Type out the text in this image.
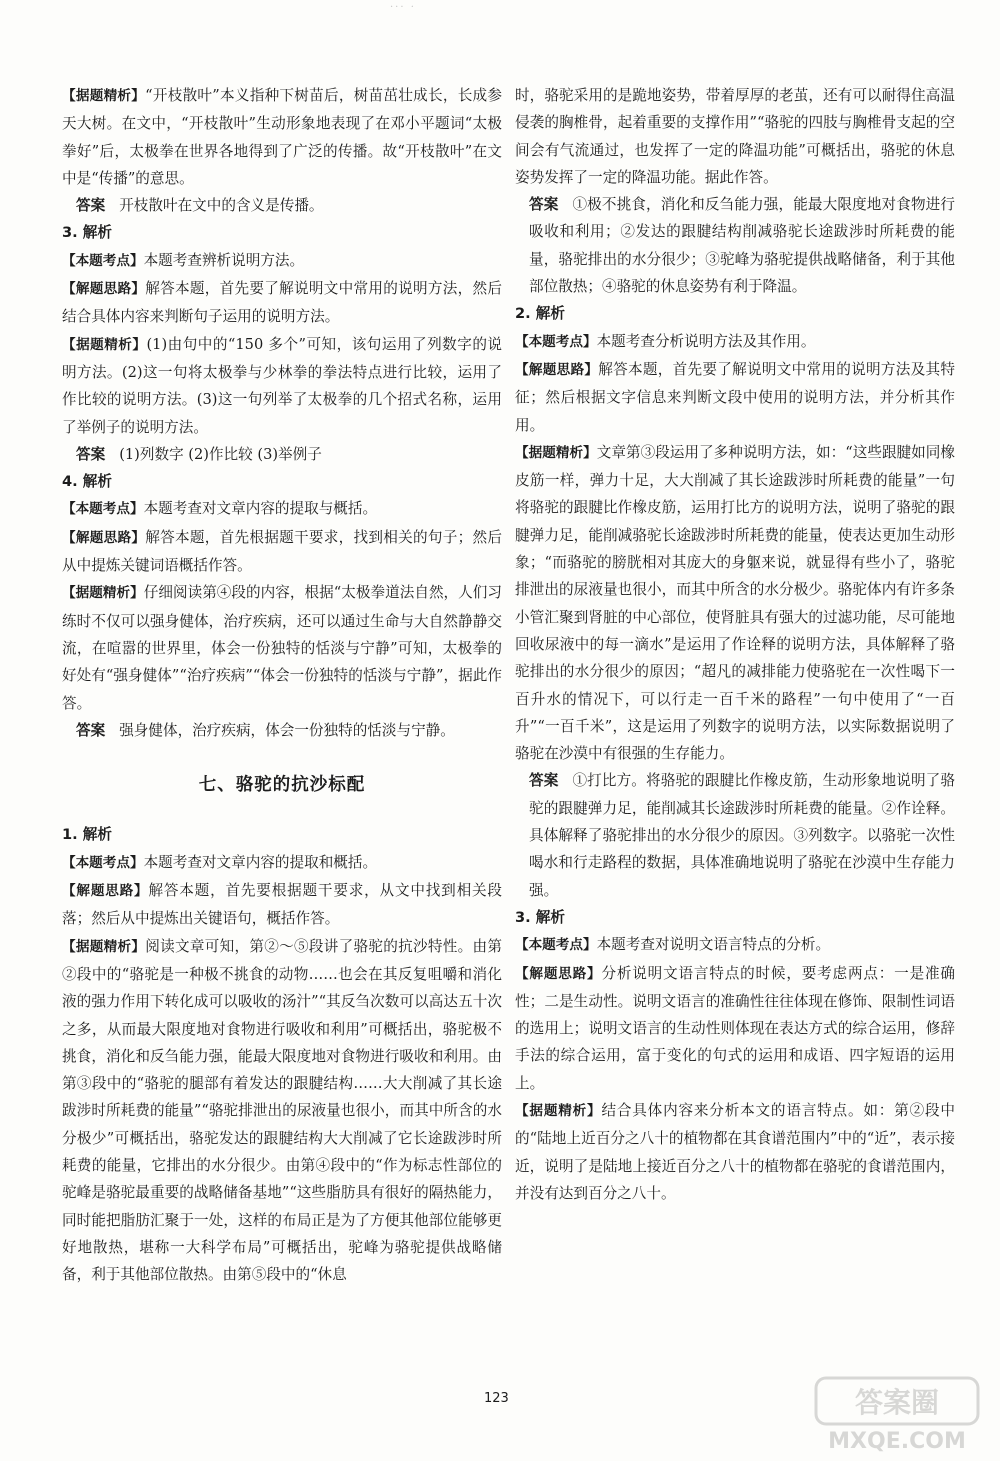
··· ·

【据题精析】“开枝散叶”本义指种下树苗后，树苗茁壮成长，长成参天大树。在文中，“开枝散叶”生动形象地表现了在邓小平题词“太极拳好”后，太极拳在世界各地得到了广泛的传播。故“开枝散叶”在文中是“传播”的意思。

答案 开枝散叶在文中的含义是传播。

3. 解析

【本题考点】本题考查辨析说明方法。

【解题思路】解答本题，首先要了解说明文中常用的说明方法，然后结合具体内容来判断句子运用的说明方法。

【据题精析】(1)由句中的“150 多个”可知，该句运用了列数字的说明方法。(2)这一句将太极拳与少林拳的拳法特点进行比较，运用了作比较的说明方法。(3)这一句列举了太极拳的几个招式名称，运用了举例子的说明方法。

答案 (1)列数字 (2)作比较 (3)举例子

4. 解析

【本题考点】本题考查对文章内容的提取与概括。

【解题思路】解答本题，首先根据题干要求，找到相关的句子；然后从中提炼关键词语概括作答。

【据题精析】仔细阅读第④段的内容，根据“太极拳道法自然，人们习练时不仅可以强身健体，治疗疾病，还可以通过生命与大自然静静交流，在喧嚣的世界里，体会一份独特的恬淡与宁静”可知，太极拳的好处有“强身健体”“治疗疾病”“体会一份独特的恬淡与宁静”，据此作答。

答案 强身健体，治疗疾病，体会一份独特的恬淡与宁静。

七、骆驼的抗沙标配

1. 解析

【本题考点】本题考查对文章内容的提取和概括。

【解题思路】解答本题，首先要根据题干要求，从文中找到相关段落；然后从中提炼出关键语句，概括作答。

【据题精析】阅读文章可知，第②～⑤段讲了骆驼的抗沙特性。由第②段中的“骆驼是一种极不挑食的动物……也会在其反复咀嚼和消化液的强力作用下转化成可以吸收的汤汁”“其反刍次数可以高达五十次之多，从而最大限度地对食物进行吸收和利用”可概括出，骆驼极不挑食，消化和反刍能力强，能最大限度地对食物进行吸收和利用。由第③段中的“骆驼的腿部有着发达的跟腱结构……大大削减了其长途跋涉时所耗费的能量”“骆驼排泄出的尿液量也很小，而其中所含的水分极少”可概括出，骆驼发达的跟腱结构大大削减了它长途跋涉时所耗费的能量，它排出的水分很少。由第④段中的“作为标志性部位的驼峰是骆驼最重要的战略储备基地”“这些脂肪具有很好的隔热能力，同时能把脂肪汇聚于一处，这样的布局正是为了方便其他部位能够更好地散热，堪称一大科学布局”可概括出，驼峰为骆驼提供战略储备，利于其他部位散热。由第⑤段中的“休息

时，骆驼采用的是跪地姿势，带着厚厚的老茧，还有可以耐得住高温侵袭的胸椎骨，起着重要的支撑作用”“骆驼的四肢与胸椎骨支起的空间会有气流通过，也发挥了一定的降温功能”可概括出，骆驼的休息姿势发挥了一定的降温功能。据此作答。

答案 ①极不挑食，消化和反刍能力强，能最大限度地对食物进行吸收和利用；②发达的跟腱结构削减骆驼长途跋涉时所耗费的能量，骆驼排出的水分很少；③驼峰为骆驼提供战略储备，利于其他部位散热；④骆驼的休息姿势有利于降温。

2. 解析

【本题考点】本题考查分析说明方法及其作用。

【解题思路】解答本题，首先要了解说明文中常用的说明方法及其特征；然后根据文字信息来判断文段中使用的说明方法，并分析其作用。

【据题精析】文章第③段运用了多种说明方法，如：“这些跟腱如同橡皮筋一样，弹力十足，大大削减了其长途跋涉时所耗费的能量”一句将骆驼的跟腱比作橡皮筋，运用打比方的说明方法，说明了骆驼的跟腱弹力足，能削减骆驼长途跋涉时所耗费的能量，使表达更加生动形象；“而骆驼的膀胱相对其庞大的身躯来说，就显得有些小了，骆驼排泄出的尿液量也很小，而其中所含的水分极少。骆驼体内有许多条小管汇聚到肾脏的中心部位，使肾脏具有强大的过滤功能，尽可能地回收尿液中的每一滴水”是运用了作诠释的说明方法，具体解释了骆驼排出的水分很少的原因；“超凡的减排能力使骆驼在一次性喝下一百升水的情况下，可以行走一百千米的路程”一句中使用了“一百升”“一百千米”，这是运用了列数字的说明方法，以实际数据说明了骆驼在沙漠中有很强的生存能力。

答案 ①打比方。将骆驼的跟腱比作橡皮筋，生动形象地说明了骆驼的跟腱弹力足，能削减其长途跋涉时所耗费的能量。②作诠释。具体解释了骆驼排出的水分很少的原因。③列数字。以骆驼一次性喝水和行走路程的数据，具体准确地说明了骆驼在沙漠中生存能力强。

3. 解析

【本题考点】本题考查对说明文语言特点的分析。

【解题思路】分析说明文语言特点的时候，要考虑两点：一是准确性；二是生动性。说明文语言的准确性往往体现在修饰、限制性词语的选用上；说明文语言的生动性则体现在表达方式的综合运用，修辞手法的综合运用，富于变化的句式的运用和成语、四字短语的运用上。

【据题精析】结合具体内容来分析本文的语言特点。如：第②段中的“陆地上近百分之八十的植物都在其食谱范围内”中的“近”，表示接近，说明了是陆地上接近百分之八十的植物都在骆驼的食谱范围内，并没有达到百分之八十。

123	答案圈
MXQE.COM
